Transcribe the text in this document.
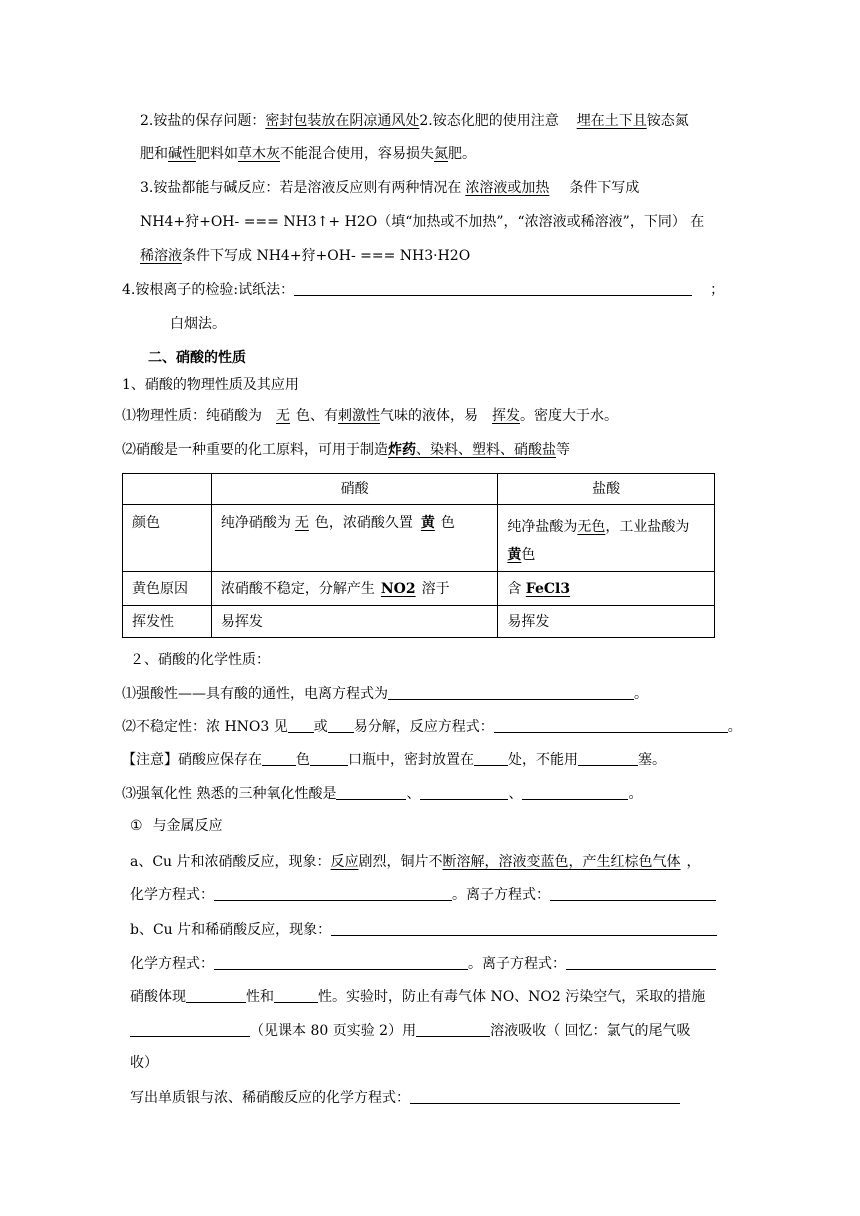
2.铵盐的保存问题：密封包装放在阴凉通风处2.铵态化肥的使用注意 埋在土下且铵态氮
肥和碱性肥料如草木灰不能混合使用，容易损失氮肥。
3.铵盐都能与碱反应：若是溶液反应则有两种情况在 浓溶液或加热 条件下写成
NH4+狩+OH- === NH3↑+ H2O（填“加热或不加热”，“浓溶液或稀溶液”，下同） 在
稀溶液条件下写成 NH4+狩+OH- === NH3·H2O
4.铵根离子的检验:试纸法：	；
白烟法。
二、硝酸的性质
1、硝酸的物理性质及其应用
⑴物理性质：纯硝酸为 无 色、有刺激性气味的液体，易 挥发。密度大于水。
⑵硝酸是一种重要的化工原料，可用于制造炸药、染料、塑料、硝酸盐等
	硝酸	盐酸
颜色	纯净硝酸为 无 色，浓硝酸久置 黄 色	纯净盐酸为无色，工业盐酸为
黄色
黄色原因	浓硝酸不稳定，分解产生 NO2 溶于	含 FeCl3
挥发性	易挥发	易挥发
２、硝酸的化学性质：
⑴强酸性——具有酸的通性，电离方程式为	。
⑵不稳定性：浓 HNO3 见 或 易分解，反应方程式：	。
【注意】硝酸应保存在 色	口瓶中，密封放置在 处，不能用	塞。
⑶强氧化性 熟悉的三种氧化性酸是	、	、	。
① 与金属反应
a、Cu 片和浓硝酸反应，现象：反应剧烈，铜片不断溶解，溶液变蓝色，产生红棕色气体 ，
化学方程式：	。离子方程式：
b、Cu 片和稀硝酸反应，现象：
化学方程式：	。离子方程式：
硝酸体现	性和	性。实验时，防止有毒气体 NO、NO2 污染空气，采取的措施
（见课本 80 页实验 2）用	溶液吸收（ 回忆：氯气的尾气吸
收）
写出单质银与浓、稀硝酸反应的化学方程式：
